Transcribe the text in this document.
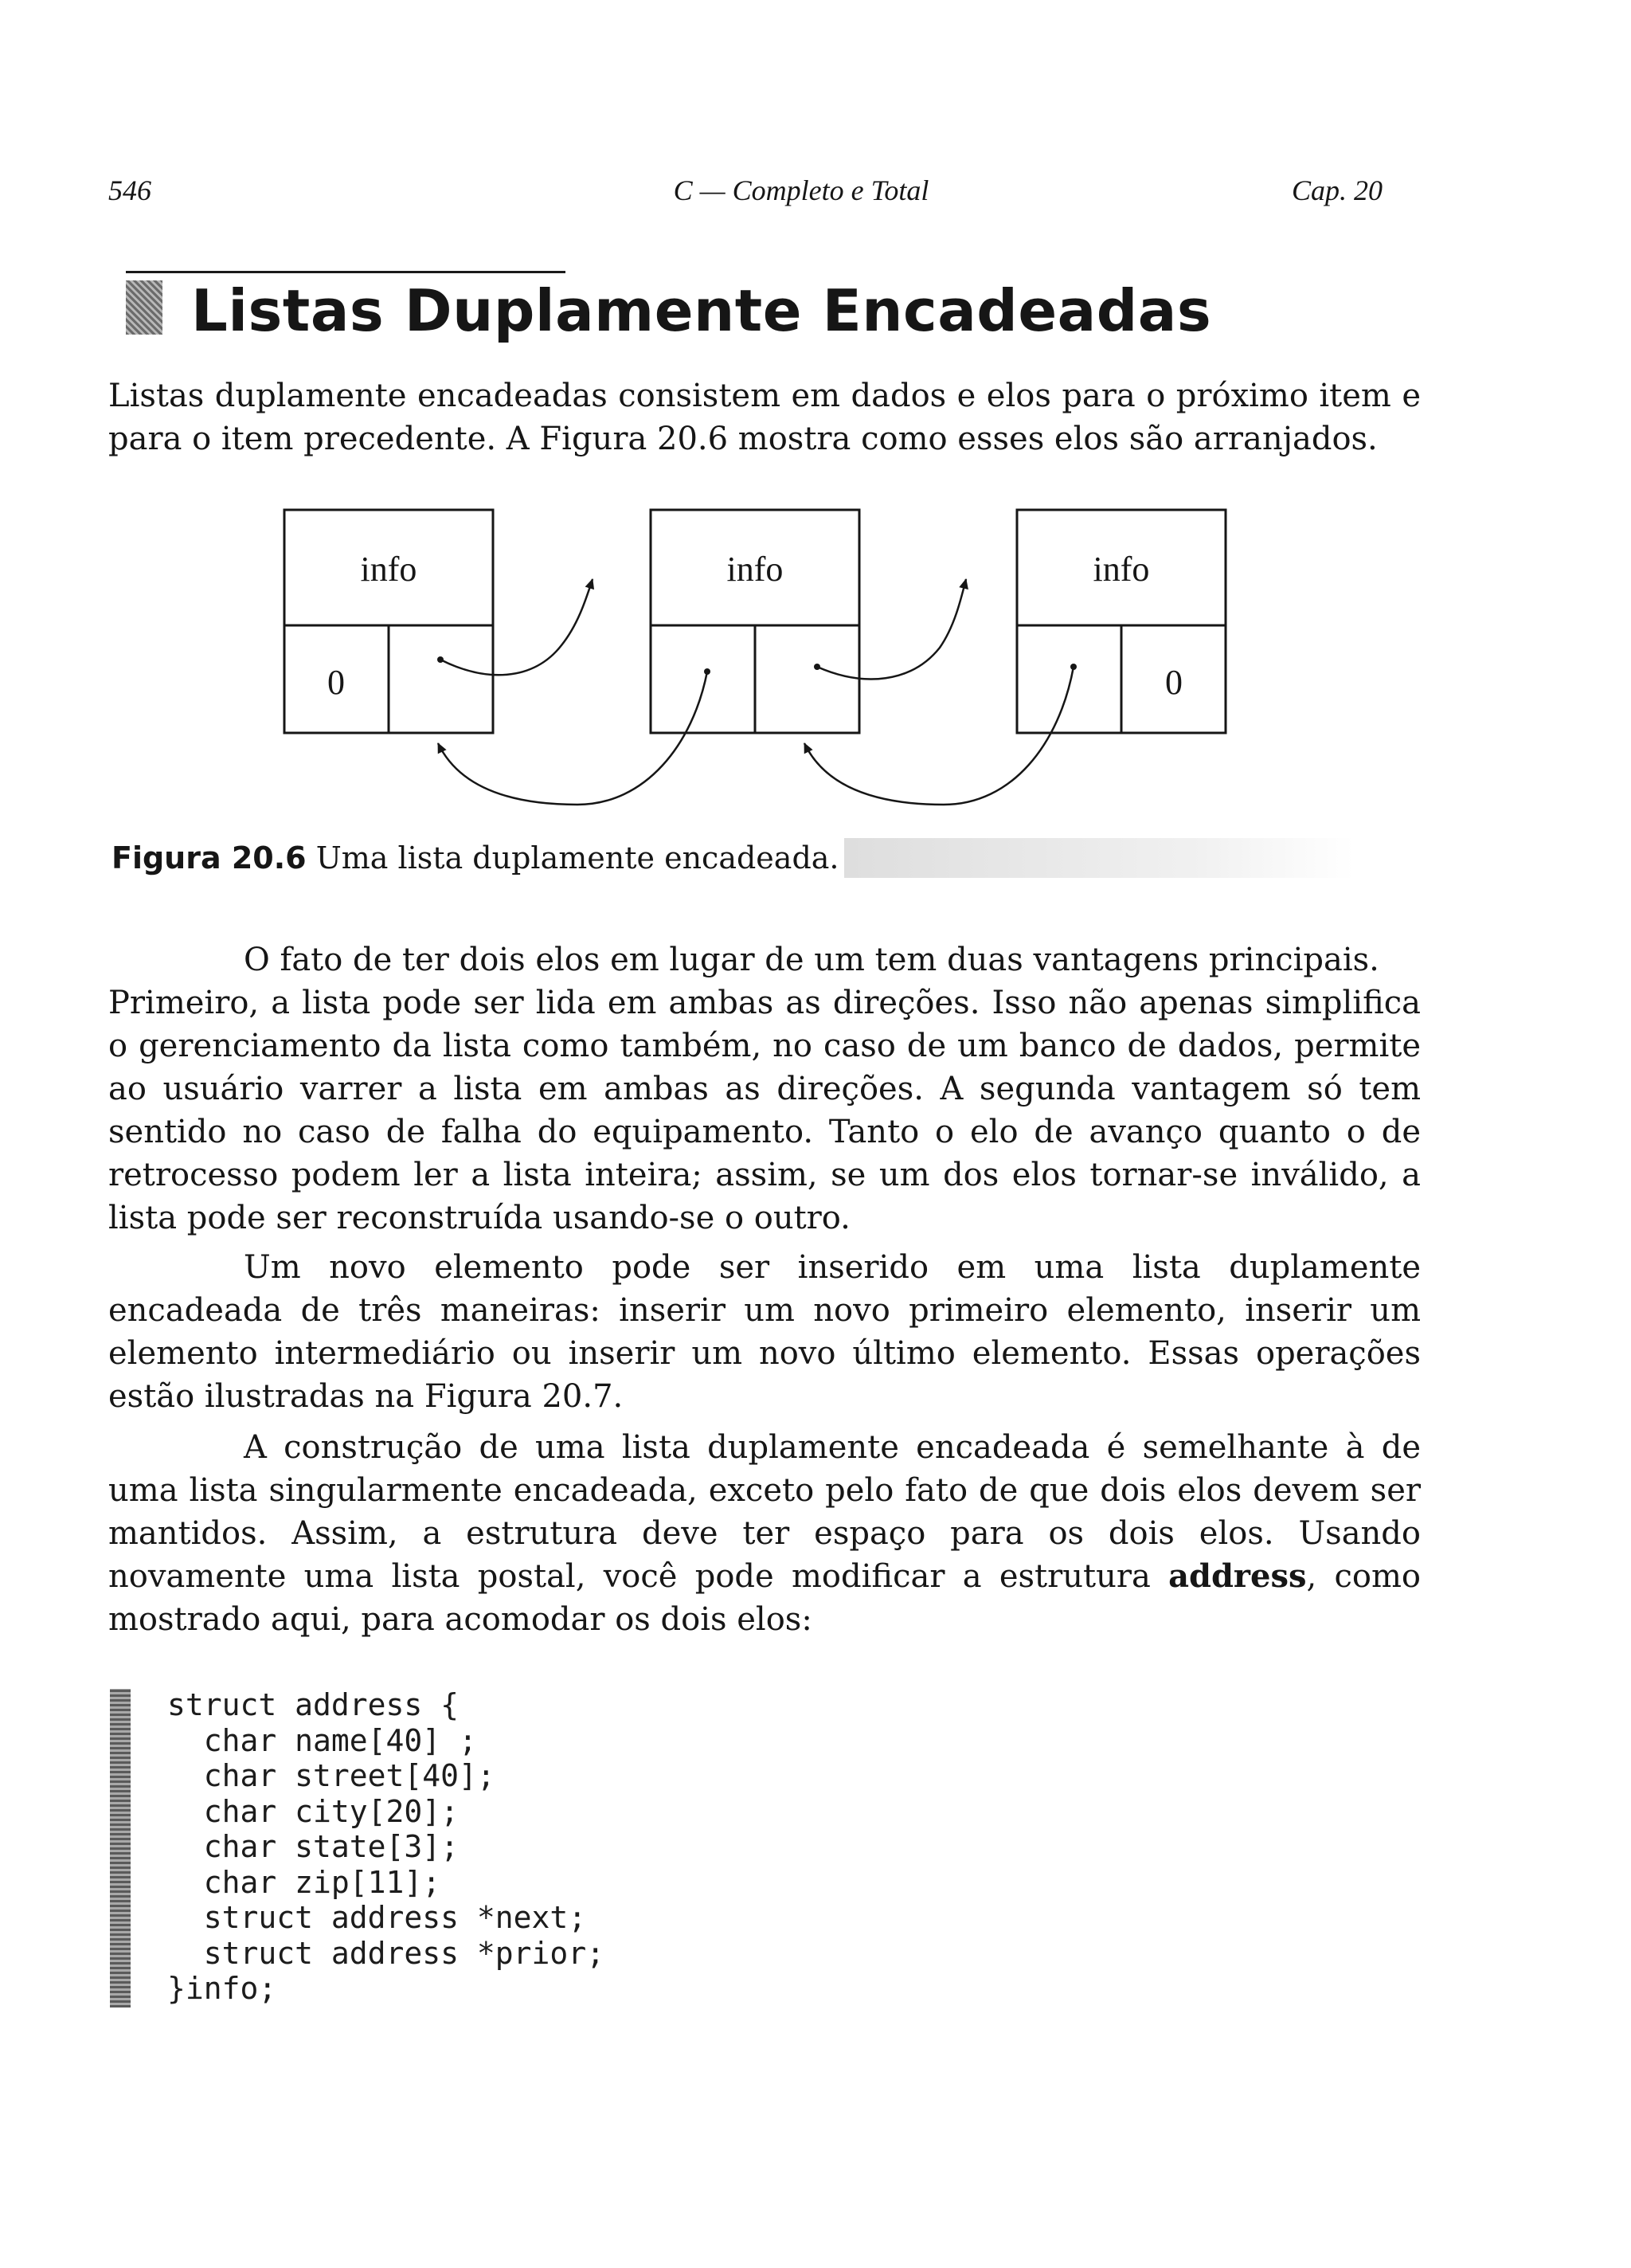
546	C — Completo e Total	Cap. 20
Listas Duplamente Encadeadas

Listas duplamente encadeadas consistem em dados e elos para o próximo item e para o item precedente. A Figura 20.6 mostra como esses elos são arranjados.

info
0
info	info
0

Figura 20.6 Uma lista duplamente encadeada.

O fato de ter dois elos em lugar de um tem duas vantagens principais.
Primeiro, a lista pode ser lida em ambas as direções. Isso não apenas simplifica o gerenciamento da lista como também, no caso de um banco de dados, permite ao usuário varrer a lista em ambas as direções. A segunda vantagem só tem sentido no caso de falha do equipamento. Tanto o elo de avanço quanto o de retrocesso podem ler a lista inteira; assim, se um dos elos tornar-se inválido, a lista pode ser reconstruída usando-se o outro.

Um novo elemento pode ser inserido em uma lista duplamente encadeada de três maneiras: inserir um novo primeiro elemento, inserir um elemento intermediário ou inserir um novo último elemento. Essas operações estão ilustradas na Figura 20.7.

A construção de uma lista duplamente encadeada é semelhante à de uma lista singularmente encadeada, exceto pelo fato de que dois elos devem ser mantidos. Assim, a estrutura deve ter espaço para os dois elos. Usando novamente uma lista postal, você pode modificar a estrutura address, como mostrado aqui, para acomodar os dois elos:

struct address {
char name[40] ;
char street[40];
char city[20];
char state[3];
char zip[11];
struct address *next;
struct address *prior;
}info;
